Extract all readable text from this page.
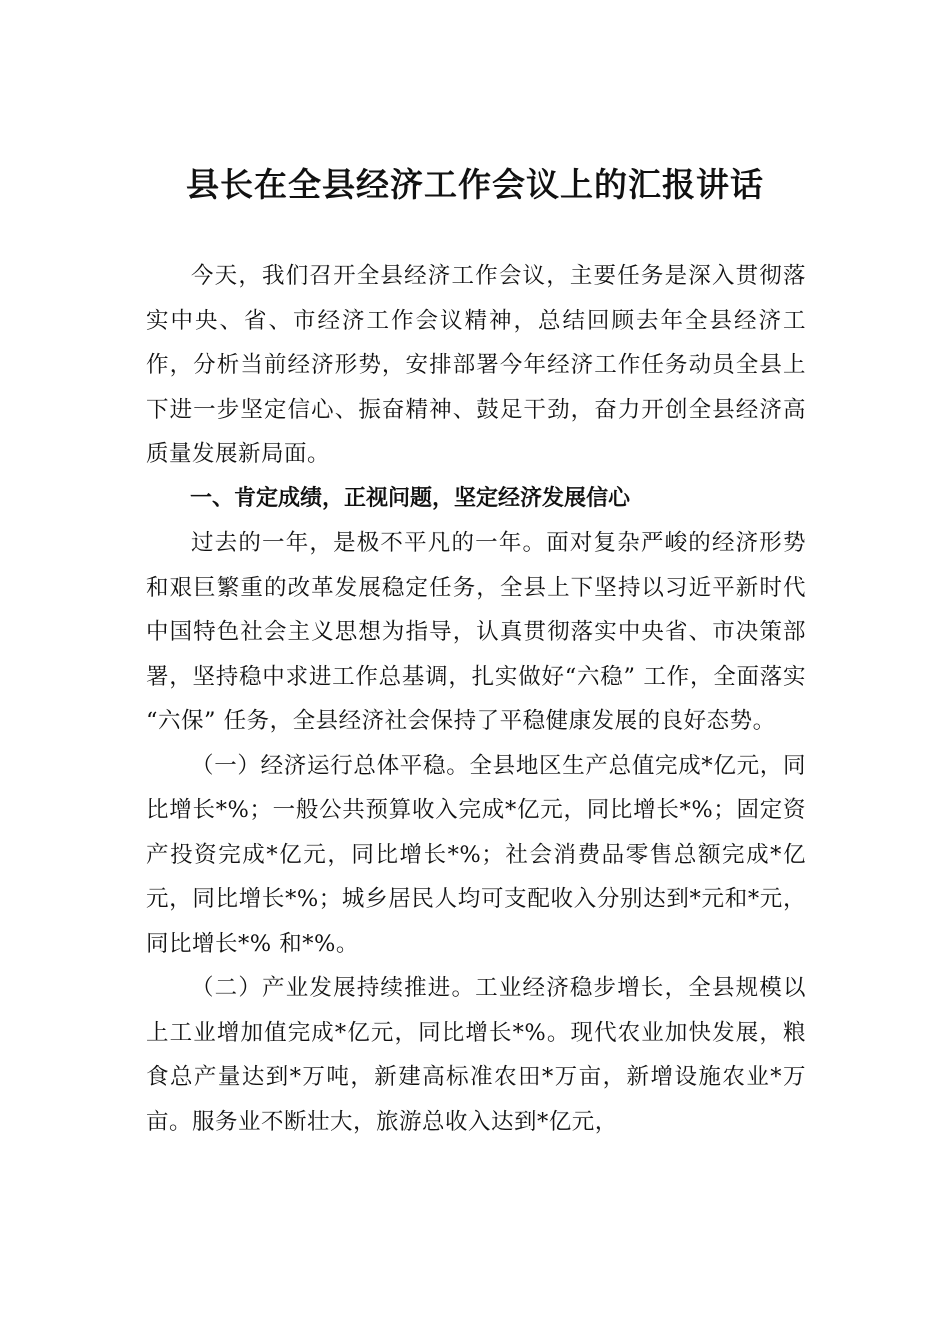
县长在全县经济工作会议上的汇报讲话

今天，我们召开全县经济工作会议，主要任务是深入贯彻落实中央、省、市经济工作会议精神，总结回顾去年全县经济工作，分析当前经济形势，安排部署今年经济工作任务动员全县上下进一步坚定信心、振奋精神、鼓足干劲，奋力开创全县经济高质量发展新局面。

一、肯定成绩，正视问题，坚定经济发展信心

过去的一年，是极不平凡的一年。面对复杂严峻的经济形势和艰巨繁重的改革发展稳定任务，全县上下坚持以习近平新时代中国特色社会主义思想为指导，认真贯彻落实中央省、市决策部署，坚持稳中求进工作总基调，扎实做好“六稳” 工作，全面落实 “六保” 任务，全县经济社会保持了平稳健康发展的良好态势。

（一）经济运行总体平稳。全县地区生产总值完成*亿元，同比增长*%；一般公共预算收入完成*亿元，同比增长*%；固定资产投资完成*亿元，同比增长*%；社会消费品零售总额完成*亿元，同比增长*%；城乡居民人均可支配收入分别达到*元和*元，同比增长*% 和*%。

（二）产业发展持续推进。工业经济稳步增长，全县规模以上工业增加值完成*亿元，同比增长*%。现代农业加快发展，粮食总产量达到*万吨，新建高标准农田*万亩，新增设施农业*万亩。服务业不断壮大，旅游总收入达到*亿元，
